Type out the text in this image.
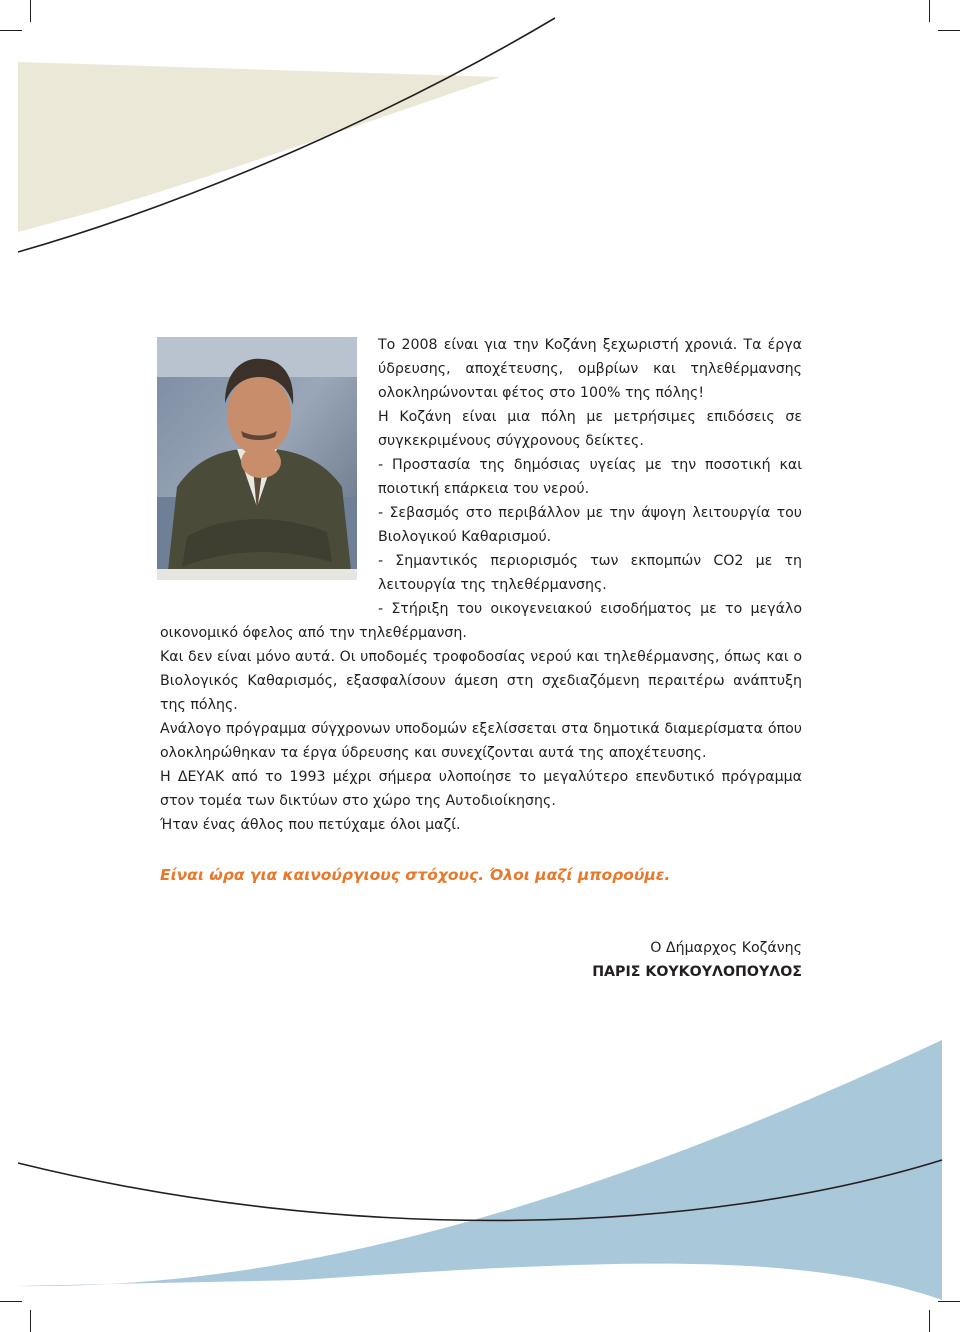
Το 2008 είναι για την Κοζάνη ξεχωριστή χρονιά. Τα έργα ύδρευσης, αποχέτευσης, ομβρίων και τηλεθέρμανσης ολοκληρώνονται φέτος στο 100% της πόλης!

Η Κοζάνη είναι μια πόλη με μετρήσιμες επιδόσεις σε συγκεκριμένους σύγχρονους δείκτες.

- Προστασία της δημόσιας υγείας με την ποσοτική και ποιοτική επάρκεια του νερού.

- Σεβασμός στο περιβάλλον με την άψογη λειτουργία του Βιολογικού Καθαρισμού.

- Σημαντικός περιορισμός των εκπομπών CO2 με τη λειτουργία της τηλεθέρμανσης.

- Στήριξη του οικογενειακού εισοδήματος με το μεγάλο

οικονομικό όφελος από την τηλεθέρμανση.

Και δεν είναι μόνο αυτά. Οι υποδομές τροφοδοσίας νερού και τηλεθέρμανσης, όπως και ο Βιολογικός Καθαρισμός, εξασφαλίσουν άμεση στη σχεδιαζόμενη περαιτέρω ανάπτυξη της πόλης.

Ανάλογο πρόγραμμα σύγχρονων υποδομών εξελίσσεται στα δημοτικά διαμερίσματα όπου ολοκληρώθηκαν τα έργα ύδρευσης και συνεχίζονται αυτά της αποχέτευσης.

Η ΔΕΥΑΚ από το 1993 μέχρι σήμερα υλοποίησε το μεγαλύτερο επενδυτικό πρόγραμμα στον τομέα των δικτύων στο χώρο της Αυτοδιοίκησης.

Ήταν ένας άθλος που πετύχαμε όλοι μαζί.

Είναι ώρα για καινούργιους στόχους. Όλοι μαζί μπορούμε.

Ο Δήμαρχος Κοζάνης

ΠΑΡΙΣ ΚΟΥΚΟΥΛΟΠΟΥΛΟΣ
